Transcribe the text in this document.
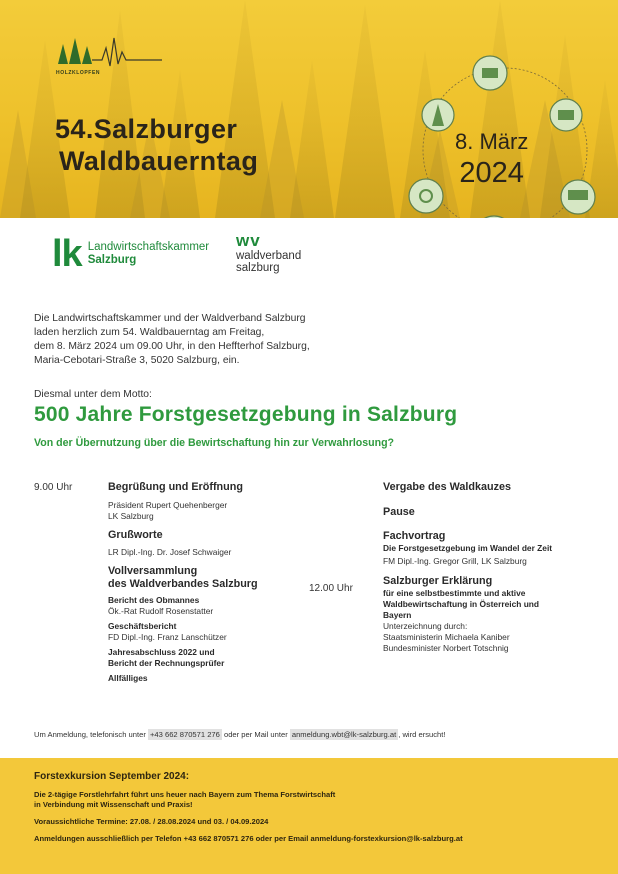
HOLZKLOPFEN
54.Salzburger
Waldbauerntag
8. März
2024
lk Landwirtschaftskammer
Salzburg
wv
waldverband
salzburg
Die Landwirtschaftskammer und der Waldverband Salzburg
laden herzlich zum 54. Waldbauerntag am Freitag,
dem 8. März 2024 um 09.00 Uhr, in den Heffterhof Salzburg,
Maria-Cebotari-Straße 3, 5020 Salzburg, ein.
Diesmal unter dem Motto:
500 Jahre Forstgesetzgebung in Salzburg
Von der Übernutzung über die Bewirtschaftung hin zur Verwahrlosung?
9.00 Uhr	Begrüßung und Eröffnung
Präsident Rupert Quehenberger
LK Salzburg
Grußworte
LR Dipl.-Ing. Dr. Josef Schwaiger
Vollversammlung
des Waldverbandes Salzburg
Bericht des Obmannes
Ök.-Rat Rudolf Rosenstatter
Geschäftsbericht
FD Dipl.-Ing. Franz Lanschützer
Jahresabschluss 2022 und
Bericht der Rechnungsprüfer
Allfälliges
12.00 Uhr
Vergabe des Waldkauzes
Pause
Fachvortrag
Die Forstgesetzgebung im Wandel der Zeit
FM Dipl.-Ing. Gregor Grill, LK Salzburg
Salzburger Erklärung
für eine selbstbestimmte und aktive
Waldbewirtschaftung in Österreich und
Bayern
Unterzeichnung durch:
Staatsministerin Michaela Kaniber
Bundesminister Norbert Totschnig
Um Anmeldung, telefonisch unter +43 662 870571 276 oder per Mail unter anmeldung.wbt@lk-salzburg.at , wird ersucht!
Forstexkursion September 2024:
Die 2-tägige Forstlehrfahrt führt uns heuer nach Bayern zum Thema Forstwirtschaft
in Verbindung mit Wissenschaft und Praxis!
Voraussichtliche Termine: 27.08. / 28.08.2024 und 03. / 04.09.2024
Anmeldungen ausschließlich per Telefon +43 662 870571 276 oder per Email anmeldung-forstexkursion@lk-salzburg.at
